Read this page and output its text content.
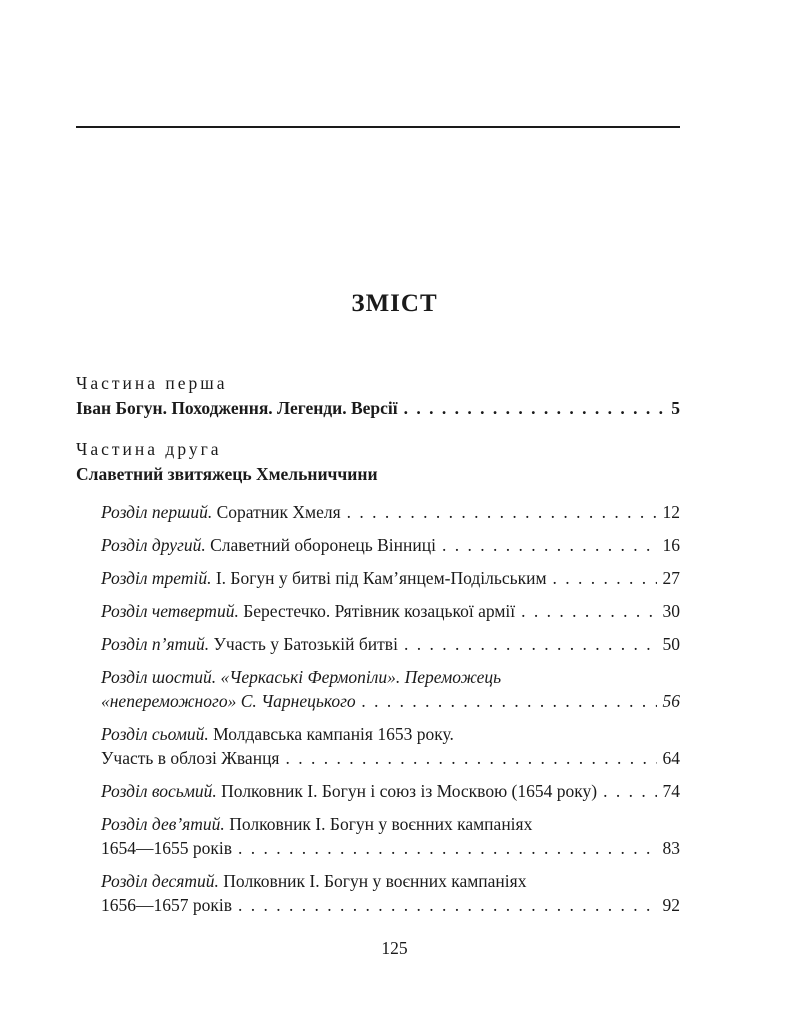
ЗМІСТ
Частина перша
Іван Богун. Походження. Легенди. Версії . . .	5
Частина друга
Славетний звитяжець Хмельниччини
Розділ перший. Соратник Хмеля . . .	12
Розділ другий. Славетний оборонець Вінниці . . .	16
Розділ третій. І. Богун у битві під Кам’янцем-Подільським . . .	27
Розділ четвертий. Берестечко. Рятівник козацької армії . . .	30
Розділ п’ятий. Участь у Батозькій битві . . .	50
Розділ шостий. «Черкаські Фермопіли». Переможець
«непереможного» С. Чарнецького . . .	56
Розділ сьомий. Молдавська кампанія 1653 року.
Участь в облозі Жванця . . .	64
Розділ восьмий. Полковник І. Богун і союз із Москвою (1654 року) . . .	74
Розділ дев’ятий. Полковник І. Богун у воєнних кампаніях
1654—1655 років . . .	83
Розділ десятий. Полковник І. Богун у воєнних кампаніях
1656—1657 років . . .	92
125
